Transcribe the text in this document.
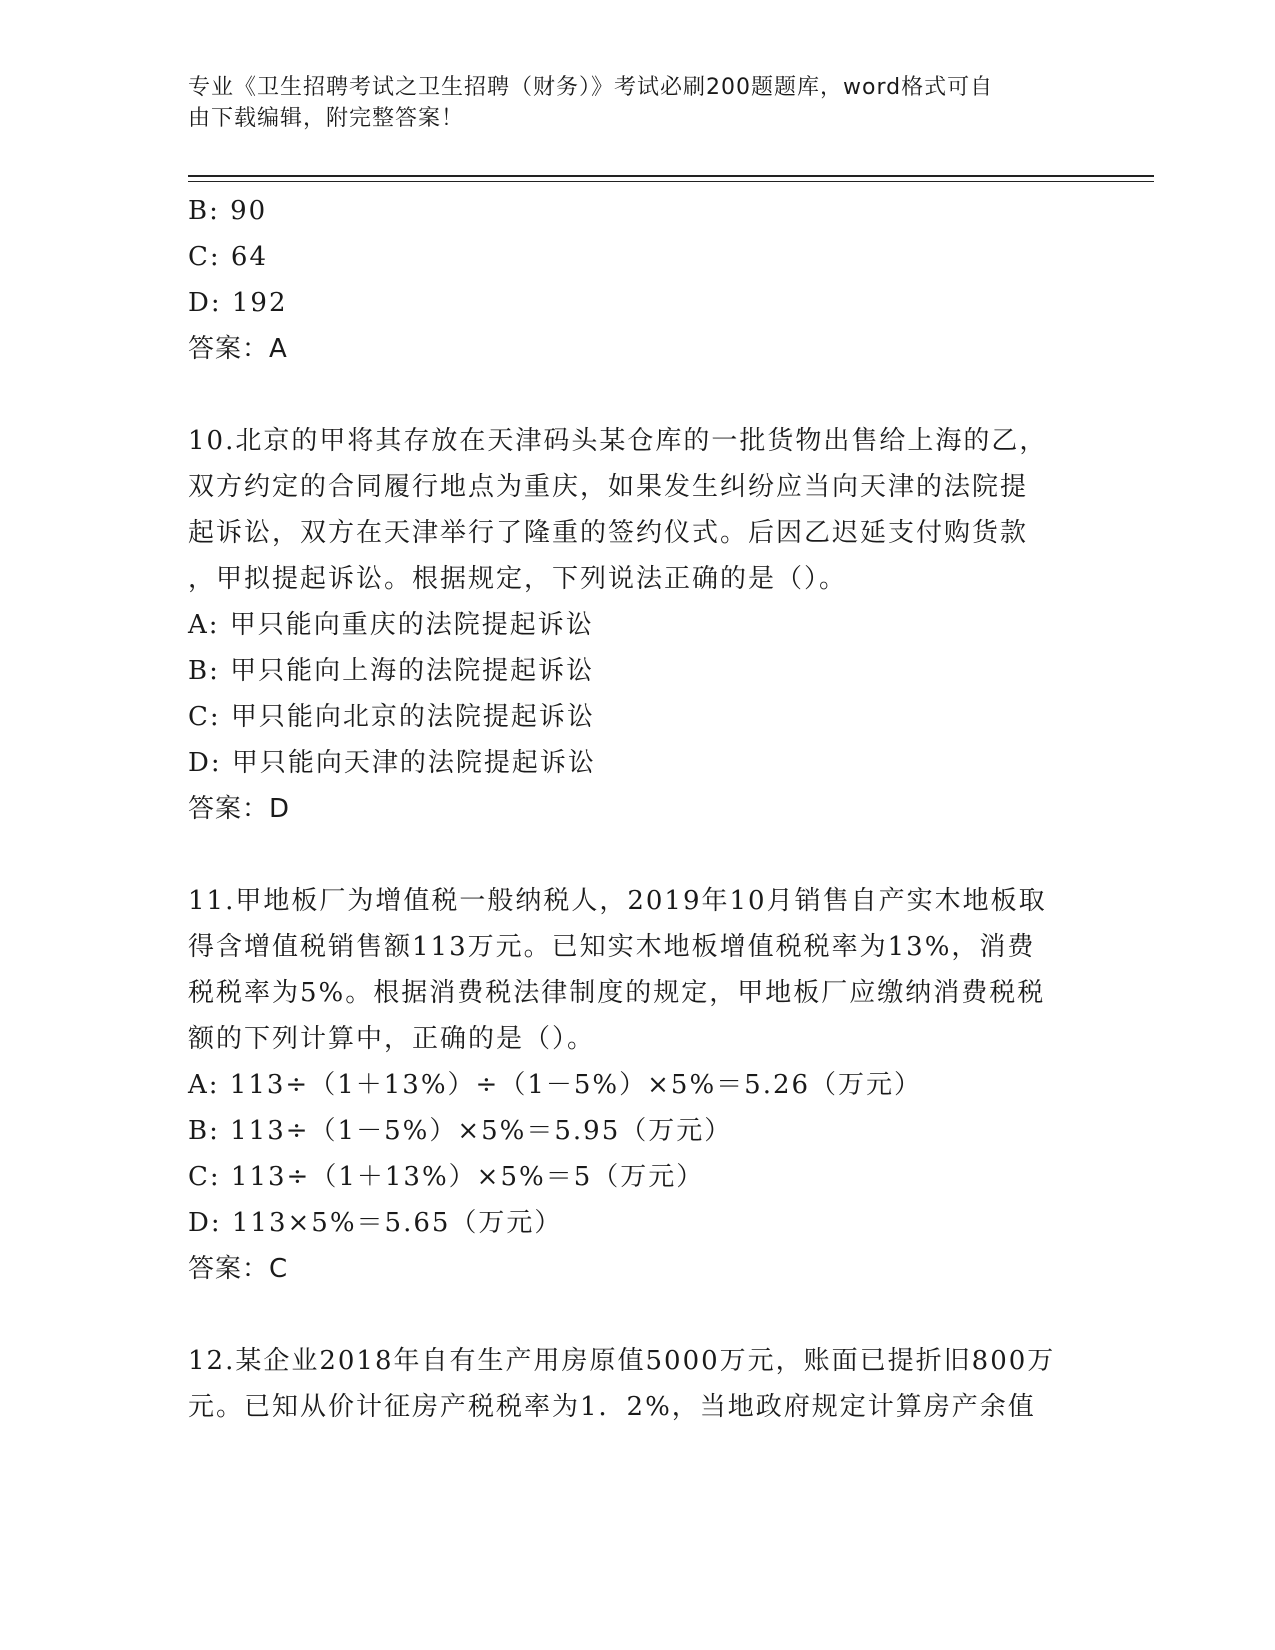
专业《卫生招聘考试之卫生招聘（财务）》考试必刷200题题库，word格式可自
由下载编辑，附完整答案！
B: 90
C: 64
D: 192
答案：A
10.北京的甲将其存放在天津码头某仓库的一批货物出售给上海的乙，
双方约定的合同履行地点为重庆，如果发生纠纷应当向天津的法院提
起诉讼，双方在天津举行了隆重的签约仪式。后因乙迟延支付购货款
，甲拟提起诉讼。根据规定，下列说法正确的是（）。
A: 甲只能向重庆的法院提起诉讼
B: 甲只能向上海的法院提起诉讼
C: 甲只能向北京的法院提起诉讼
D: 甲只能向天津的法院提起诉讼
答案：D
11.甲地板厂为增值税一般纳税人，2019年10月销售自产实木地板取
得含增值税销售额113万元。已知实木地板增值税税率为13%，消费
税税率为5%。根据消费税法律制度的规定，甲地板厂应缴纳消费税税
额的下列计算中，正确的是（）。
A: 113÷（1＋13%）÷（1－5%）×5%＝5.26（万元）
B: 113÷（1－5%）×5%＝5.95（万元）
C: 113÷（1＋13%）×5%＝5（万元）
D: 113×5%＝5.65（万元）
答案：C
12.某企业2018年自有生产用房原值5000万元，账面已提折旧800万
元。已知从价计征房产税税率为1．2%，当地政府规定计算房产余值
